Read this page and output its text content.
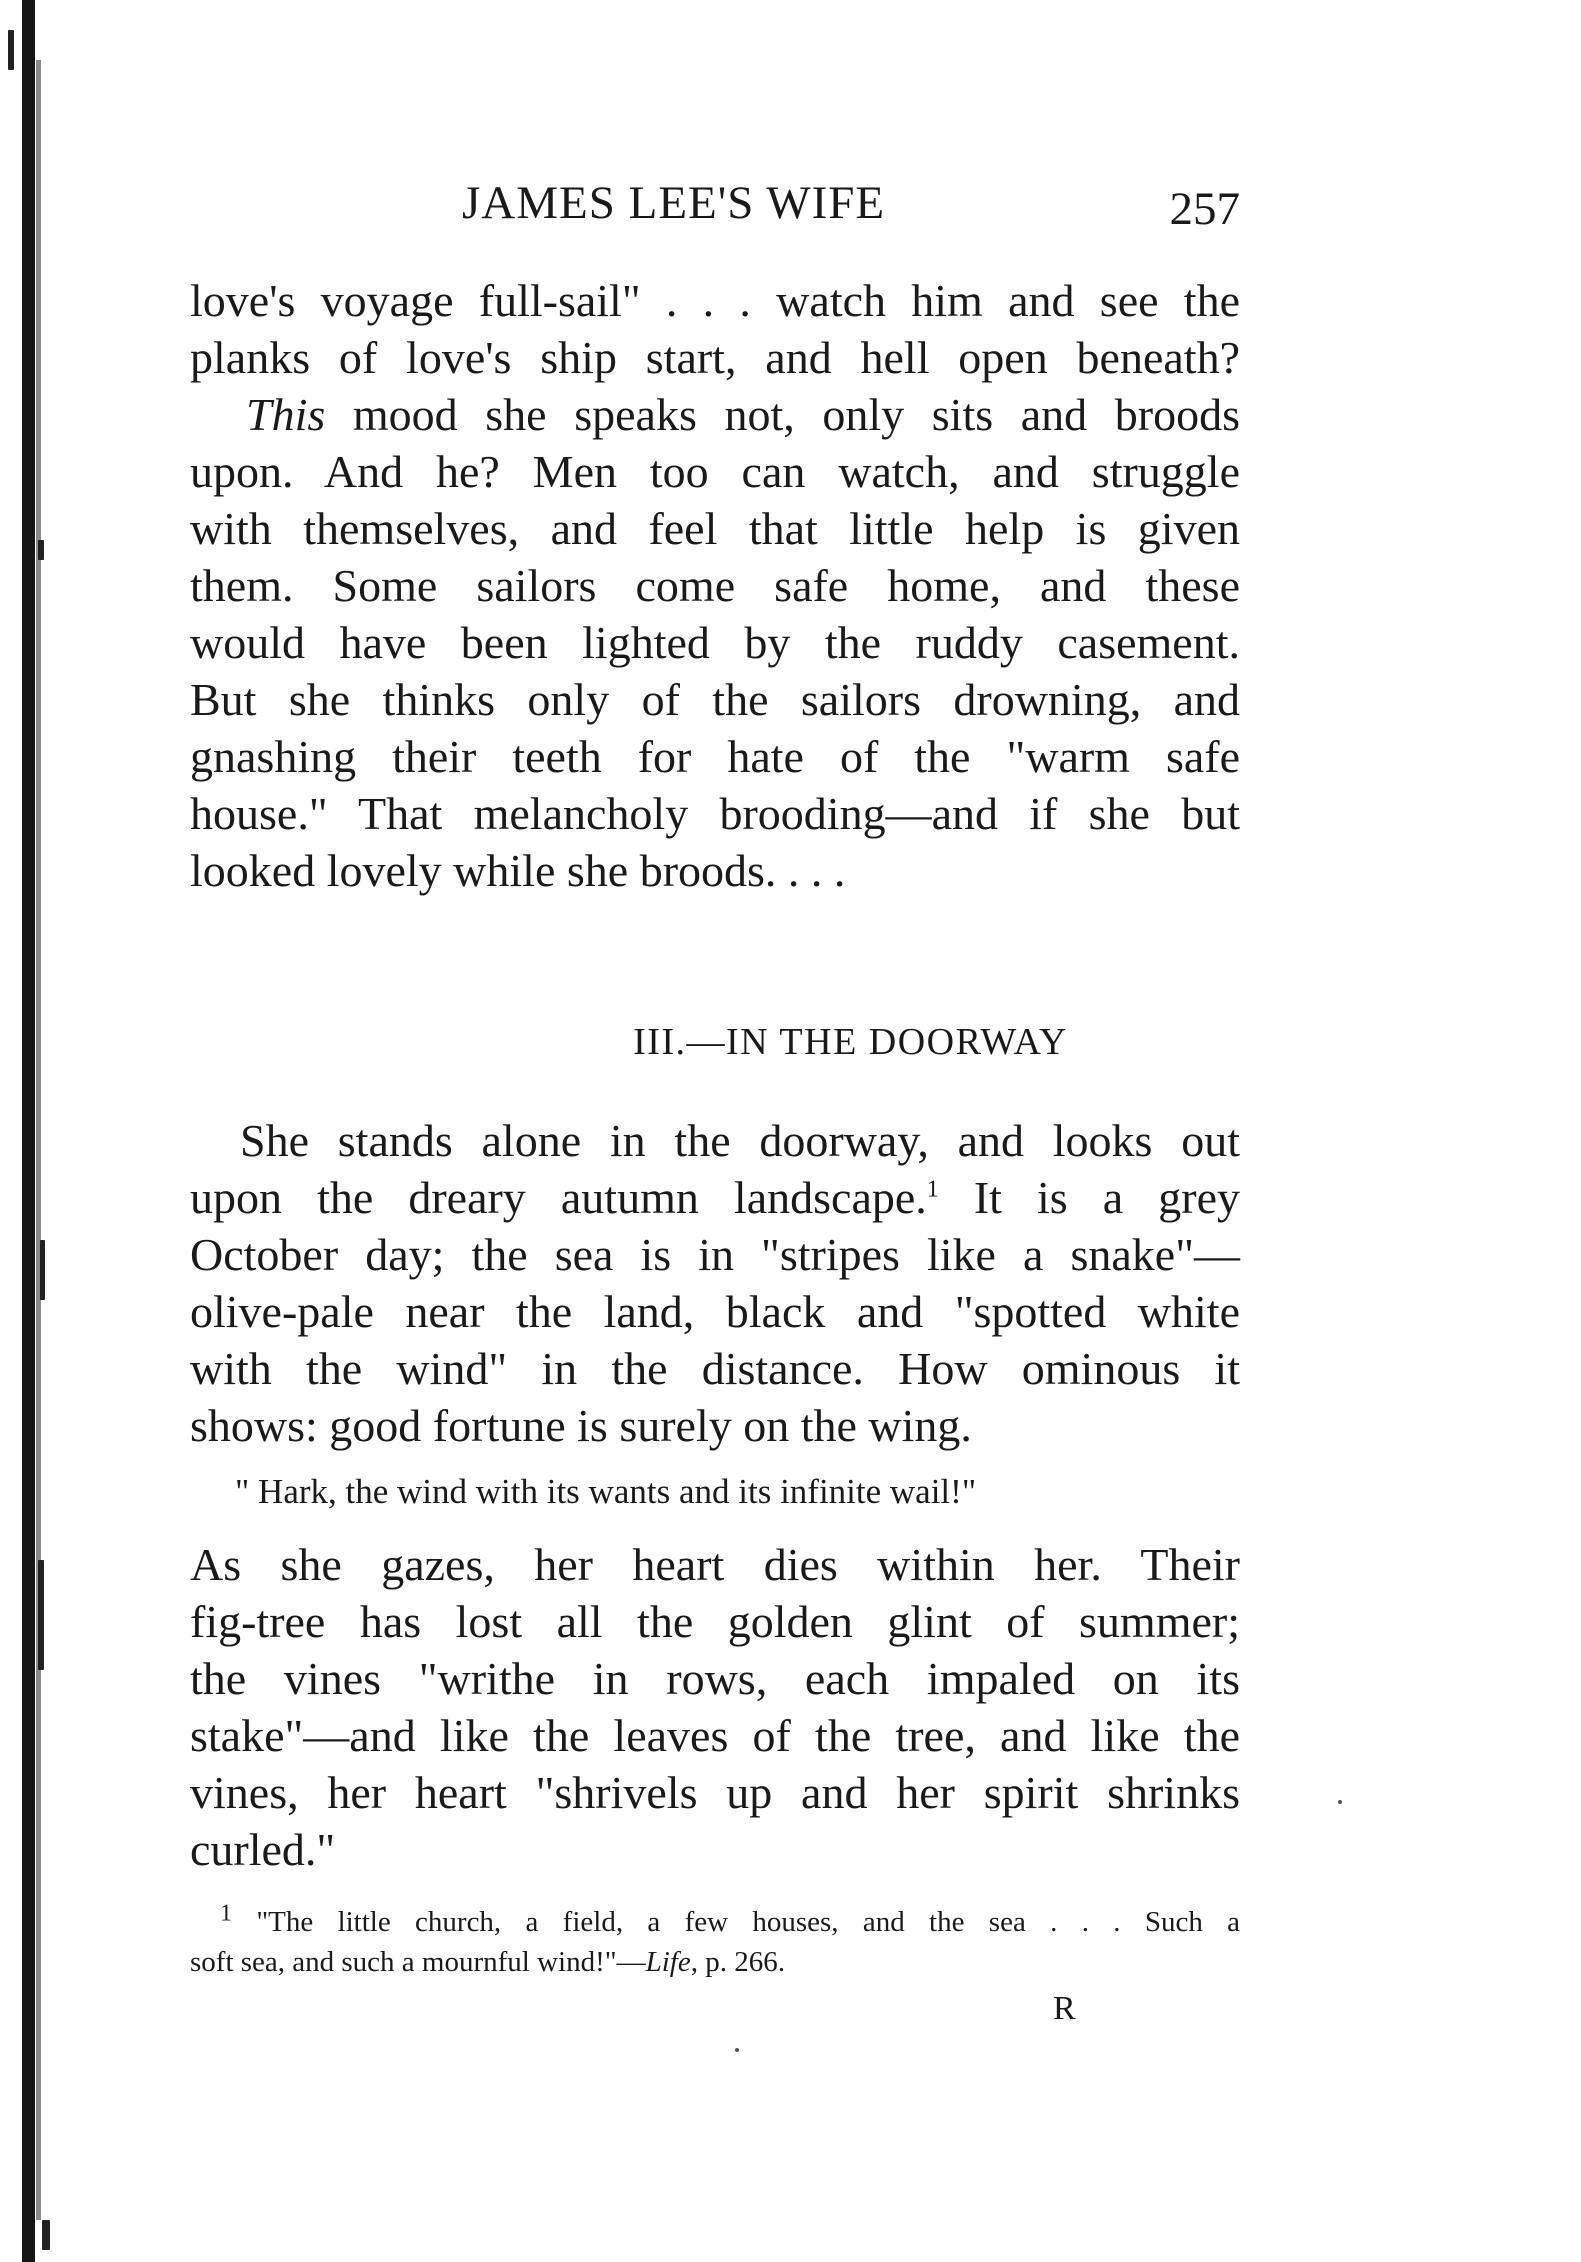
JAMES LEE'S WIFE	257
love's voyage full-sail" . . . watch him and see the
planks of love's ship start, and hell open beneath?
This mood she speaks not, only sits and broods
upon. And he? Men too can watch, and struggle
with themselves, and feel that little help is given
them. Some sailors come safe home, and these
would have been lighted by the ruddy casement.
But she thinks only of the sailors drowning, and
gnashing their teeth for hate of the "warm safe
house." That melancholy brooding—and if she but
looked lovely while she broods. . . .
III.—IN THE DOORWAY
She stands alone in the doorway, and looks out
upon the dreary autumn landscape.$^1$ It is a grey
October day; the sea is in "stripes like a snake"—
olive-pale near the land, black and "spotted white
with the wind" in the distance. How ominous it
shows: good fortune is surely on the wing.
" Hark, the wind with its wants and its infinite wail!"
As she gazes, her heart dies within her. Their
fig-tree has lost all the golden glint of summer;
the vines "writhe in rows, each impaled on its
stake"—and like the leaves of the tree, and like the
vines, her heart "shrivels up and her spirit shrinks
curled."
$^1$ "The little church, a field, a few houses, and the sea . . . Such a
soft sea, and such a mournful wind!"—Life, p. 266.
R
